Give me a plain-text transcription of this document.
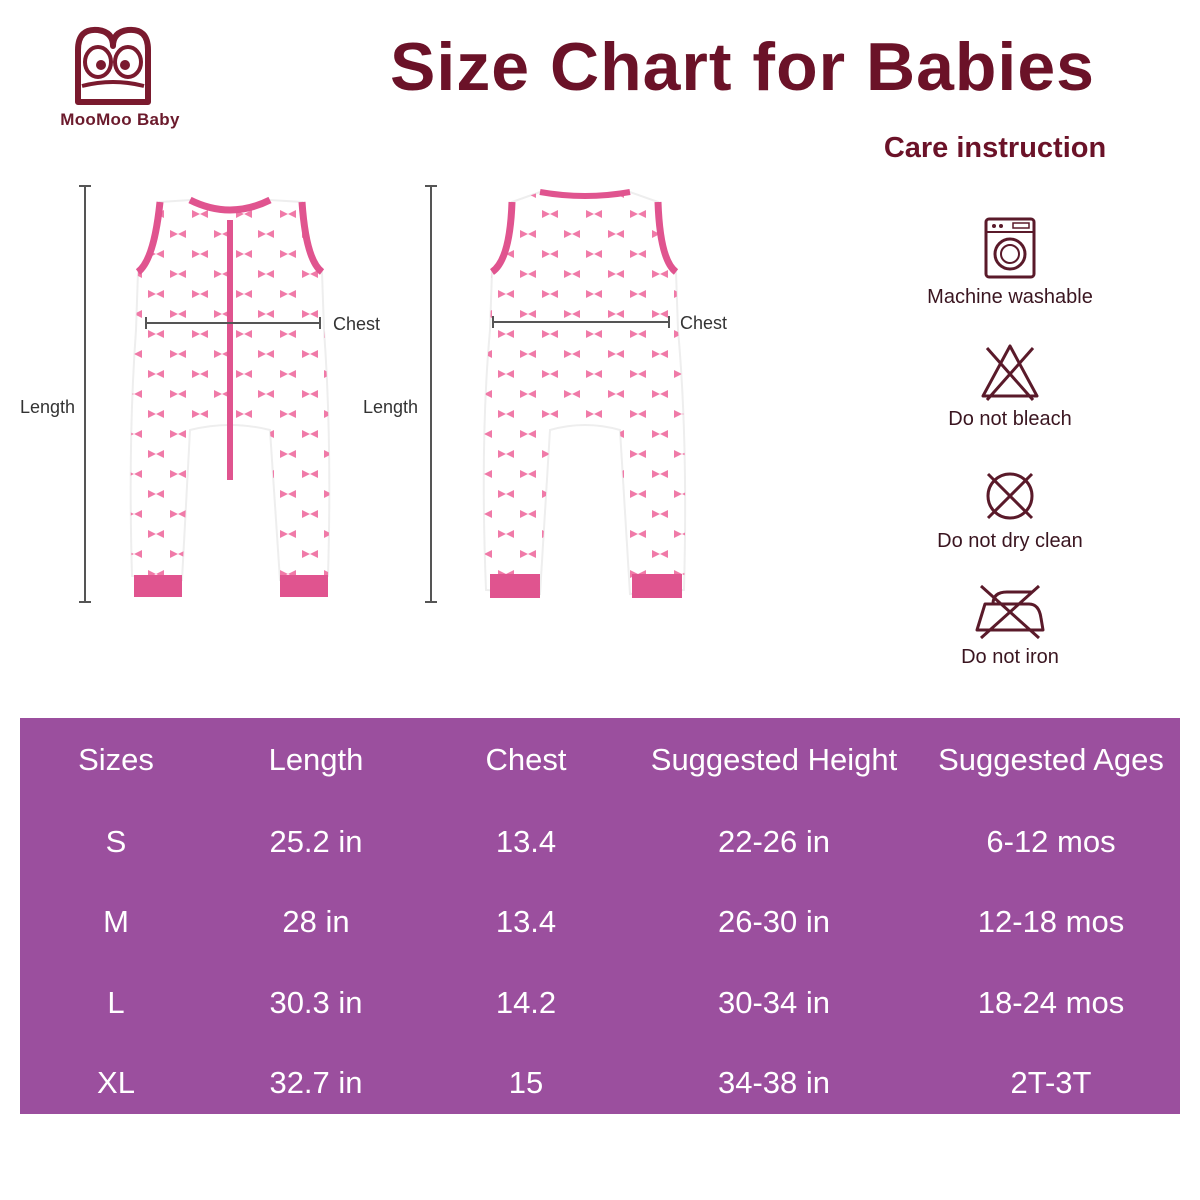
MooMoo Baby
Size Chart for Babies
Length
Chest
Length
Chest
Care instruction
Machine washable
Do not bleach
Do not dry clean
Do not iron
Sizes	Length	Chest	Suggested Height	Suggested Ages
S	25.2 in	13.4	22-26 in	6-12 mos
M	28 in	13.4	26-30 in	12-18 mos
L	30.3 in	14.2	30-34 in	18-24 mos
XL	32.7 in	15	34-38 in	2T-3T
